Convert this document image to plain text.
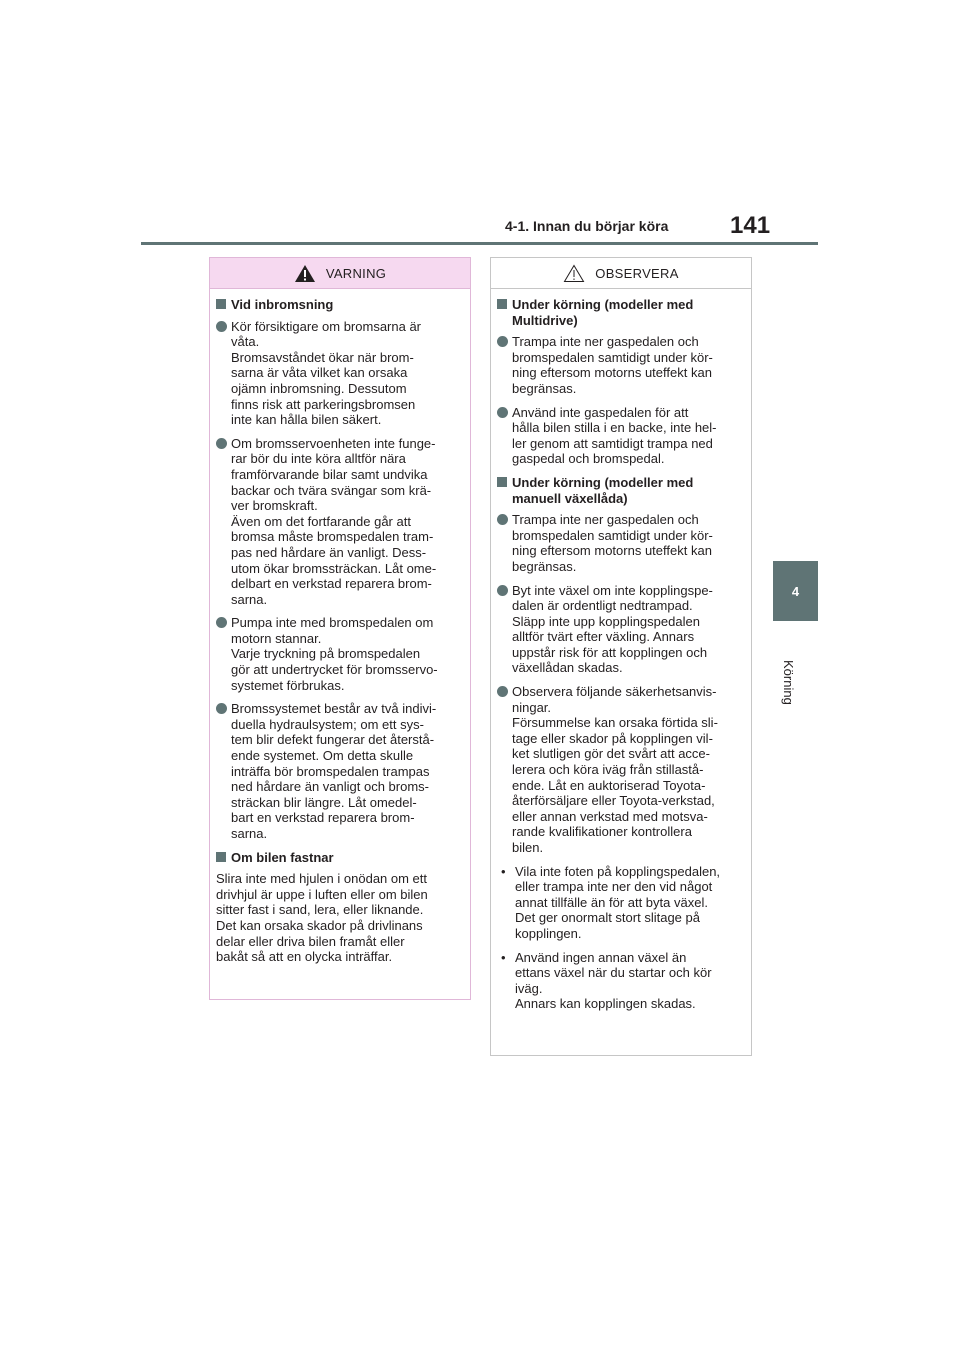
4-1. Innan du börjar köra	141
4
Körning
VARNING
Vid inbromsning
Kör försiktigare om bromsarna är
våta.
Bromsavståndet ökar när brom-
sarna är våta vilket kan orsaka
ojämn inbromsning. Dessutom
finns risk att parkeringsbromsen
inte kan hålla bilen säkert.
Om bromsservoenheten inte funge-
rar bör du inte köra alltför nära
framförvarande bilar samt undvika
backar och tvära svängar som krä-
ver bromskraft.
Även om det fortfarande går att
bromsa måste bromspedalen tram-
pas ned hårdare än vanligt. Dess-
utom ökar bromssträckan. Låt ome-
delbart en verkstad reparera brom-
sarna.
Pumpa inte med bromspedalen om
motorn stannar.
Varje tryckning på bromspedalen
gör att undertrycket för bromsservo-
systemet förbrukas.
Bromssystemet består av två indivi-
duella hydraulsystem; om ett sys-
tem blir defekt fungerar det återstå-
ende systemet. Om detta skulle
inträffa bör bromspedalen trampas
ned hårdare än vanligt och broms-
sträckan blir längre. Låt omedel-
bart en verkstad reparera brom-
sarna.
Om bilen fastnar
Slira inte med hjulen i onödan om ett
drivhjul är uppe i luften eller om bilen
sitter fast i sand, lera, eller liknande.
Det kan orsaka skador på drivlinans
delar eller driva bilen framåt eller
bakåt så att en olycka inträffar.
OBSERVERA
Under körning (modeller med
Multidrive)
Trampa inte ner gaspedalen och
bromspedalen samtidigt under kör-
ning eftersom motorns uteffekt kan
begränsas.
Använd inte gaspedalen för att
hålla bilen stilla i en backe, inte hel-
ler genom att samtidigt trampa ned
gaspedal och bromspedal.
Under körning (modeller med
manuell växellåda)
Trampa inte ner gaspedalen och
bromspedalen samtidigt under kör-
ning eftersom motorns uteffekt kan
begränsas.
Byt inte växel om inte kopplingspe-
dalen är ordentligt nedtrampad.
Släpp inte upp kopplingspedalen
alltför tvärt efter växling. Annars
uppstår risk för att kopplingen och
växellådan skadas.
Observera följande säkerhetsanvis-
ningar.
Försummelse kan orsaka förtida sli-
tage eller skador på kopplingen vil-
ket slutligen gör det svårt att acce-
lerera och köra iväg från stillastå-
ende. Låt en auktoriserad Toyota-
återförsäljare eller Toyota-verkstad,
eller annan verkstad med motsva-
rande kvalifikationer kontrollera
bilen.
• Vila inte foten på kopplingspedalen,
eller trampa inte ner den vid något
annat tillfälle än för att byta växel.
Det ger onormalt stort slitage på
kopplingen.
• Använd ingen annan växel än
ettans växel när du startar och kör
iväg.
Annars kan kopplingen skadas.
